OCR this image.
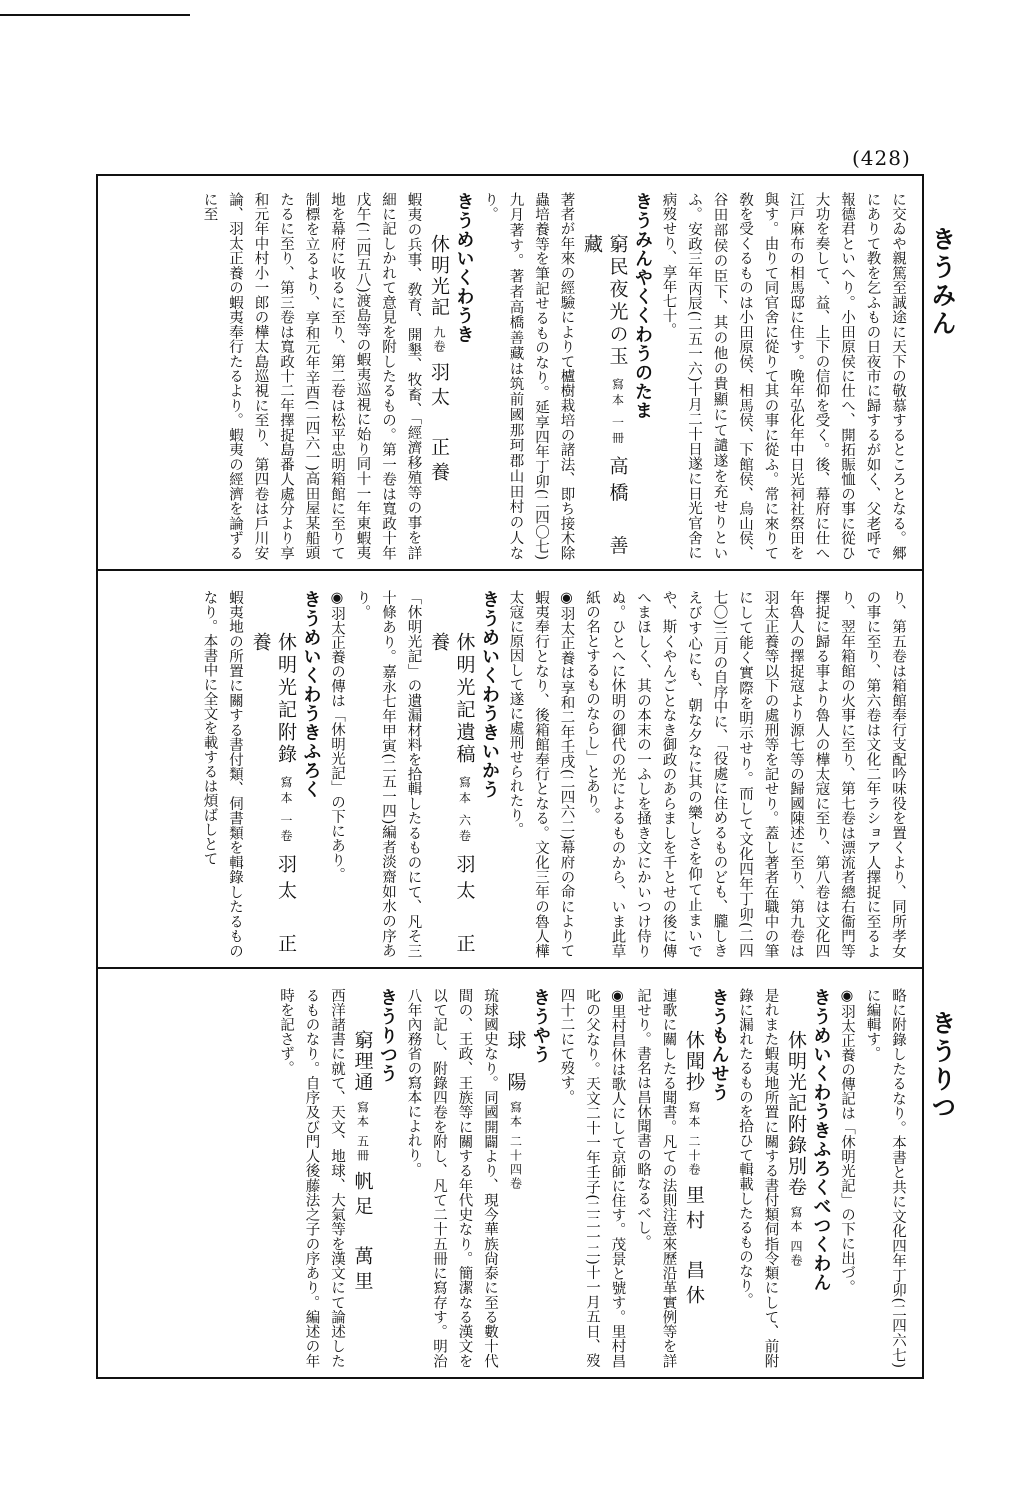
(428)
きうみん
きうりつ
に交ゐや親篤至誠途に天下の敬慕するところとなる。郷にありて教を乞ふもの日夜市に歸するが如く、父老呼で報德君といへり。小田原侯に仕へ、開拓賑恤の事に從ひ大功を奏して、益、上下の信仰を受く。後、幕府に仕へ江戸麻布の相馬邸に住す。晚年弘化年中日光祠社祭田を與す。由りて同官舍に從りて其の事に從ふ。常に來りて敎を受くるものは小田原侯、相馬侯、下館侯、烏山侯、谷田部侯の臣下、其の他の貴顯にて譴遂を充せりといふ。安政三年丙辰(二五一六)十月二十日遂に日光官舍に病歿せり、享年七十。
きうみんやくくわうのたま
窮民夜光の玉 寫本 一冊 高橋　善藏
著者が年來の經驗によりて櫨樹栽培の諸法、即ち接木除蟲培養等を筆記せるものなり。延享四年丁卯(二四〇七)九月著す。著者高橋善藏は筑前國那珂郡山田村の人なり。
きうめいくわうき
休明光記 九卷 羽太　正養
蝦夷の兵事、敎育、開墾、牧畜、「經濟移殖等の事を詳細に記しかれて意見を附したるもの。第一卷は寬政十年戊午(二四五八)渡島等の蝦夷巡視に始り同十一年東蝦夷地を幕府に收るに至り、第二卷は松平忠明箱館に至りて制標を立るより、享和元年辛酉(二四六一)高田屋某船頭たるに至り、第三卷は寬政十二年擇捉島番人處分より享和元年中村小一郎の樺太島巡視に至り、第四卷は戶川安論、羽太正養の蝦夷奉行たるより。蝦夷の經濟を論ずるに至
り、第五卷は箱館奉行支配吟味役を置くより、同所孝女の事に至り、第六卷は文化二年ラショア人擇捉に至るより、翌年箱館の火事に至り、第七卷は漂流者總右衞門等擇捉に歸る事より魯人の樺太寇に至り、第八卷は文化四年魯人の擇捉寇より源七等の歸國陳述に至り、第九卷は羽太正養等以下の處刑等を記せり。蓋し著者在職中の筆にして能く實際を明示せり。而して文化四年丁卯(二四七〇)三月の自序中に、「役處に住めるものども、朧しきえびす心にも、朝な夕なに其の樂しさを仰て止まいでや、斯くやんごとなき御政のあらましを千とせの後に傳へまほしく、其の本末の一ふしを掻き文にかいつけ侍りぬ。ひとへに休明の御代の光によるものから、いま此草紙の名とするものならし」とあり。
◉羽太正養は享和二年壬戌(二四六二)幕府の命によりて蝦夷奉行となり、後箱館奉行となる。文化三年の魯人樺太寇に原因して遂に處刑せられたり。
きうめいくわうきいかう
休明光記遺稿 寫本 六卷 羽太　正養
「休明光記」の遺漏材料を拾輯したるものにて、凡そ三十條あり。嘉永七年甲寅(二五一四)編者淡齋如水の序あり。
◉羽太正養の傳は「休明光記」の下にあり。
きうめいくわうきふろく
休明光記附錄 寫本 一卷 羽太　正養
蝦夷地の所置に關する書付類、伺書類を輯錄したるものなり。本書中に全文を載するは煩ばしとて
略に附錄したるなり。本書と共に文化四年丁卯(二四六七)に編輯す。
◉羽太正養の傳記は「休明光記」の下に出づ。
きうめいくわうきふろくべつくわん
休明光記附錄別卷 寫本 四卷
是れまた蝦夷地所置に關する書付類伺指令類にして、前附錄に漏れたるものを拾ひて輯載したるものなり。
きうもんせう
休聞抄 寫本 二十卷 里村　昌休
連歌に關したる聞書。凡ての法則注意來歷沿革實例等を詳記せり。書名は昌休聞書の略なるべし。
◉里村昌休は歌人にして京師に住す。茂景と號す。里村昌叱の父なり。天文二十一年壬子(二二一二)十一月五日、歿四十二にて歿す。
きうやう
球　陽 寫本 二十四卷
琉球國史なり。同國開闢より、現今華族尙泰に至る數十代間の、王政、王族等に關する年代史なり。簡潔なる漢文を以て記し、附錄四卷を附し、凡て二十五冊に寫存す。明治八年內務省の寫本によれり。
きうりつう
窮理通 寫本 五冊 帆足　萬里
西洋諸書に就て、天文、地球、大氣等を漢文にて論述したるものなり。自序及び門人後藤法之子の序あり。編述の年時を記さず。
